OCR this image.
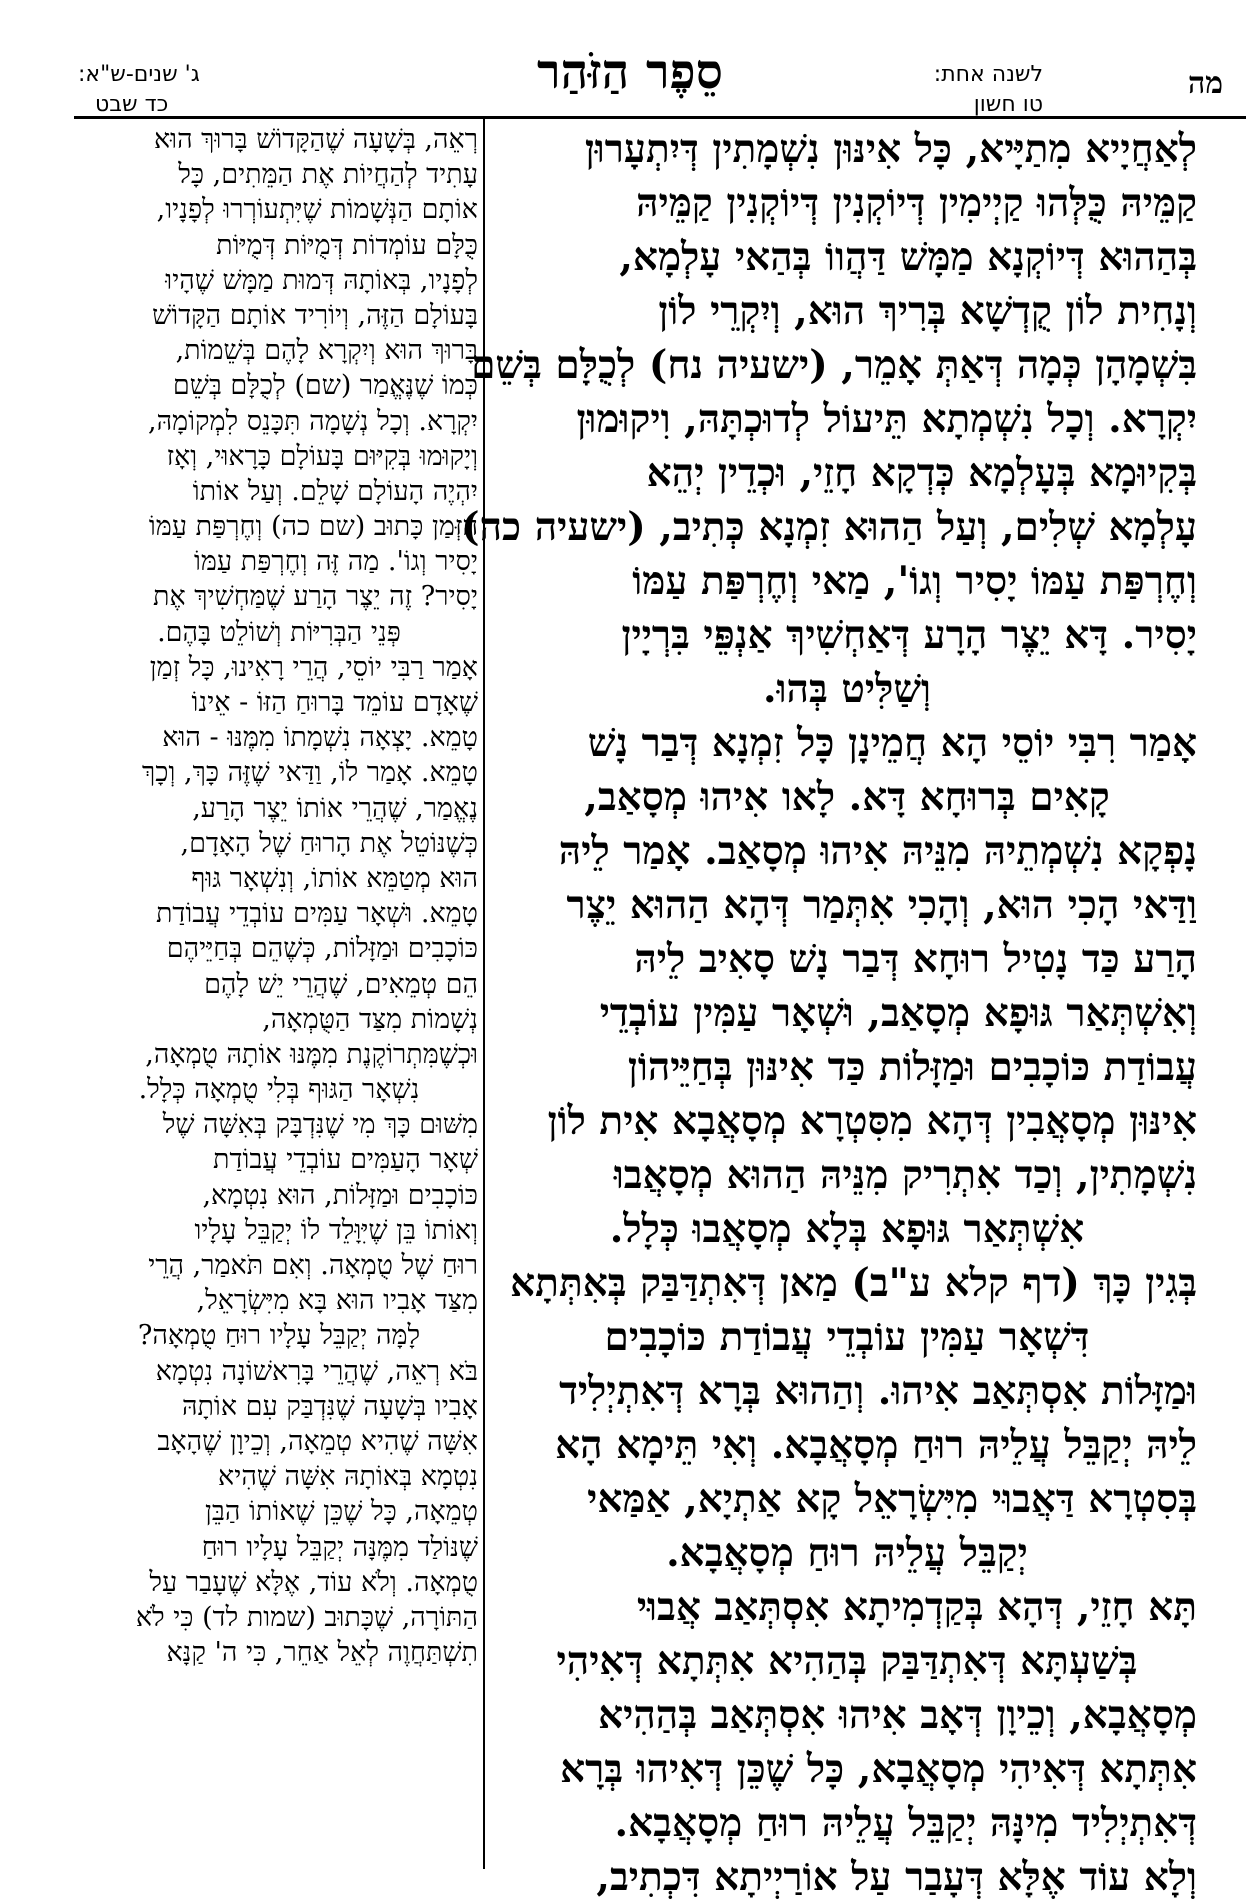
מה
לשנה אחת:
טו חשון
סֵפֶר הַזֹּהַר
ג' שנים-ש"א:
כד שבט
לְאַחֲיָיא מִתַיָּיא, כָּל אִינּוּן נִשְׁמָתִין דְּיִתְעָרוּן
קַמֵּיהּ כֻּלְּהוּ קַיְימִין דְּיוֹקְנִין דְּיוֹקְנִין קַמֵּיהּ
בְּהַהוּא דְּיוֹקְנָא מַמָּשׁ דַּהֲווֹ בְּהַאי עָלְמָא,
וְנָחִית לוֹן קֻדְשָׁא בְּרִיךְ הוּא, וְיִקְרֵי לוֹן
בִּשְׁמָהָן כְּמָה דְּאַתְּ אָמֵר, (ישעיה נח) לְכֻלָּם בְּשֵׁם
יִקְרָא. וְכָל נִשְׁמְתָא תֵּיעוֹל לְדוּכְתָּהּ, וִיקוּמוּן
בְּקִיוּמָא בְּעָלְמָא כְּדְקָא חָזֵי, וּכְדֵין יְהֵא
עָלְמָא שְׁלִים, וְעַל הַהוּא זִמְנָא כְּתִיב, (ישעיה כה)
וְחֶרְפַּת עַמּוֹ יָסִיר וְגוֹ', מַאי וְחֶרְפַּת עַמּוֹ
יָסִיר. דָּא יֵצֶר הָרָע דְּאַחְשִׁיךְ אַנְפֵּי בִּרְיָין
וְשַׁלִּיט בְּהוּ.
אָמַר רִבִּי יוֹסֵי הָא חֲמֵינָן כָּל זִמְנָא דְּבַר נָשׁ
קָאִים בְּרוּחָא דָּא. לָאו אִיהוּ מְסָאַב,
נָפְקָא נִשְׁמְתֵיהּ מִנֵּיהּ אִיהוּ מְסָאַב. אָמַר לֵיהּ
וַדַּאי הָכִי הוּא, וְהָכִי אִתְּמַר דְּהָא הַהוּא יֵצֶר
הָרַע כַּד נָטִיל רוּחָא דְּבַר נָשׁ סָאִיב לֵיהּ
וְאִשְׁתְּאַר גּוּפָא מְסָאַב, וּשְׁאָר עַמִּין עוֹבְדֵי
עֲבוֹדַת כּוֹכָבִים וּמַזָּלוֹת כַּד אִינּוּן בְּחַיֵּיהוֹן
אִינּוּן מְסָאֲבִין דְּהָא מִסִּטְרָא מְסָאֲבָא אִית לוֹן
נִשְׁמָתִין, וְכַד אִתְרִיק מִנֵּיהּ הַהוּא מְסָאֲבוּ
אִשְׁתְּאַר גּוּפָא בְּלָא מְסָאֲבוּ כְּלָל.
בְּגִין כָּךְ (דף קלא ע"ב) מַאן דְּאִתְדַּבַּק בְּאִתְּתָא
דִּשְׁאָר עַמִּין עוֹבְדֵי עֲבוֹדַת כּוֹכָבִים
וּמַזָּלוֹת אִסְתְּאַב אִיהוּ. וְהַהוּא בְּרָא דְּאִתְיְלִיד
לֵיהּ יְקַבֵּל עֲלֵיהּ רוּחַ מְסָאֲבָא. וְאִי תֵּימָא הָא
בְּסִטְרָא דַּאֲבוּי מִיִּשְׂרָאֵל קָא אַתְיָא, אַמַּאי
יְקַבֵּל עֲלֵיהּ רוּחַ מְסָאֲבָא.
תָּא חָזֵי, דְּהָא בְּקַדְמִיתָא אִסְתְּאַב אֲבוּי
בְּשַׁעְתָּא דְּאִתְדַּבַּק בְּהַהִיא אִתְּתָא דְּאִיהִי
מְסָאֲבָא, וְכֵיוָן דְּאָב אִיהוּ אִסְתְּאַב בְּהַהִיא
אִתְּתָא דְּאִיהִי מְסָאֲבָא, כָּל שֶׁכֵּן דְּאִיהוּ בְּרָא
דְּאִתְיְלִיד מִינָּהּ יְקַבֵּל עֲלֵיהּ רוּחַ מְסָאֲבָא.
וְלָא עוֹד אֶלָּא דְּעָבַר עַל אוֹרַיְיתָא דִּכְתִיב,
רְאֵה, בְּשָׁעָה שֶׁהַקָּדוֹשׁ בָּרוּךְ הוּא
עָתִיד לְהַחֲיוֹת אֶת הַמֵּתִים, כָּל
אוֹתָם הַנְּשָׁמוֹת שֶׁיִּתְעוֹרְרוּ לְפָנָיו,
כֻּלָּם עוֹמְדוֹת דְּמֻיּוֹת דְּמֻיּוֹת
לְפָנָיו, בְּאוֹתָהּ דְּמוּת מַמָּשׁ שֶׁהָיוּ
בָּעוֹלָם הַזֶּה, וְיוֹרִיד אוֹתָם הַקָּדוֹשׁ
בָּרוּךְ הוּא וְיִקְרָא לָהֶם בְּשֵׁמוֹת,
כְּמוֹ שֶׁנֶּאֱמַר (שם) לְכֻלָּם בְּשֵׁם
יִקְרָא. וְכָל נְשָׁמָה תִּכָּנֵס לִמְקוֹמָהּ,
וְיָקוּמוּ בְּקִיּוּם בָּעוֹלָם כָּרָאוּי, וְאָז
יִהְיֶה הָעוֹלָם שָׁלֵם. וְעַל אוֹתוֹ
הַזְּמַן כָּתוּב (שם כה) וְחֶרְפַּת עַמּוֹ
יָסִיר וְגוֹ'. מַה זֶּה וְחֶרְפַּת עַמּוֹ
יָסִיר? זֶה יֵצֶר הָרַע שֶׁמַּחְשִׁיךְ אֶת
פְּנֵי הַבְּרִיּוֹת וְשׁוֹלֵט בָּהֶם.
אָמַר רַבִּי יוֹסֵי, הֲרֵי רָאִינוּ, כָּל זְמַן
שֶׁאָדָם עוֹמֵד בָּרוּחַ הַזּוֹ - אֵינוֹ
טָמֵא. יָצְאָה נִשְׁמָתוֹ מִמֶּנּוּ - הוּא
טָמֵא. אָמַר לוֹ, וַדַּאי שֶׁזֶּה כָּךְ, וְכָךְ
נֶאֱמַר, שֶׁהֲרֵי אוֹתוֹ יֵצֶר הָרַע,
כְּשֶׁנּוֹטֵל אֶת הָרוּחַ שֶׁל הָאָדָם,
הוּא מְטַמֵּא אוֹתוֹ, וְנִשְׁאָר גּוּף
טָמֵא. וּשְׁאָר עַמִּים עוֹבְדֵי עֲבוֹדַת
כּוֹכָבִים וּמַזָּלוֹת, כְּשֶׁהֵם בְּחַיֵּיהֶם
הֵם טְמֵאִים, שֶׁהֲרֵי יֵשׁ לָהֶם
נְשָׁמוֹת מִצַּד הַטֻּמְאָה,
וּכְשֶׁמִּתְרוֹקֶנֶת מִמֶּנּוּ אוֹתָהּ טֻמְאָה,
נִשְׁאָר הַגּוּף בְּלִי טֻמְאָה כְּלָל.
מִשּׁוּם כָּךְ מִי שֶׁנִּדְבָּק בְּאִשָּׁה שֶׁל
שְׁאָר הָעַמִּים עוֹבְדֵי עֲבוֹדַת
כּוֹכָבִים וּמַזָּלוֹת, הוּא נִטְמָא,
וְאוֹתוֹ בֵּן שֶׁיִּוָּלֵד לוֹ יְקַבֵּל עָלָיו
רוּחַ שֶׁל טֻמְאָה. וְאִם תֹּאמַר, הֲרֵי
מִצַּד אָבִיו הוּא בָּא מִיִּשְׂרָאֵל,
לָמָּה יְקַבֵּל עָלָיו רוּחַ טֻמְאָה?
בֹּא רְאֵה, שֶׁהֲרֵי בָּרִאשׁוֹנָה נִטְמָא
אָבִיו בְּשָׁעָה שֶׁנִּדְבַּק עִם אוֹתָהּ
אִשָּׁה שֶׁהִיא טְמֵאָה, וְכֵיוָן שֶׁהָאָב
נִטְמָא בְּאוֹתָהּ אִשָּׁה שֶׁהִיא
טְמֵאָה, כָּל שֶׁכֵּן שֶׁאוֹתוֹ הַבֵּן
שֶׁנּוֹלַד מִמֶּנָּה יְקַבֵּל עָלָיו רוּחַ
טֻמְאָה. וְלֹא עוֹד, אֶלָּא שֶׁעָבַר עַל
הַתּוֹרָה, שֶׁכָּתוּב (שמות לד) כִּי לֹא
תִשְׁתַּחֲוֶה לְאֵל אַחֵר, כִּי ה' קַנָּא
